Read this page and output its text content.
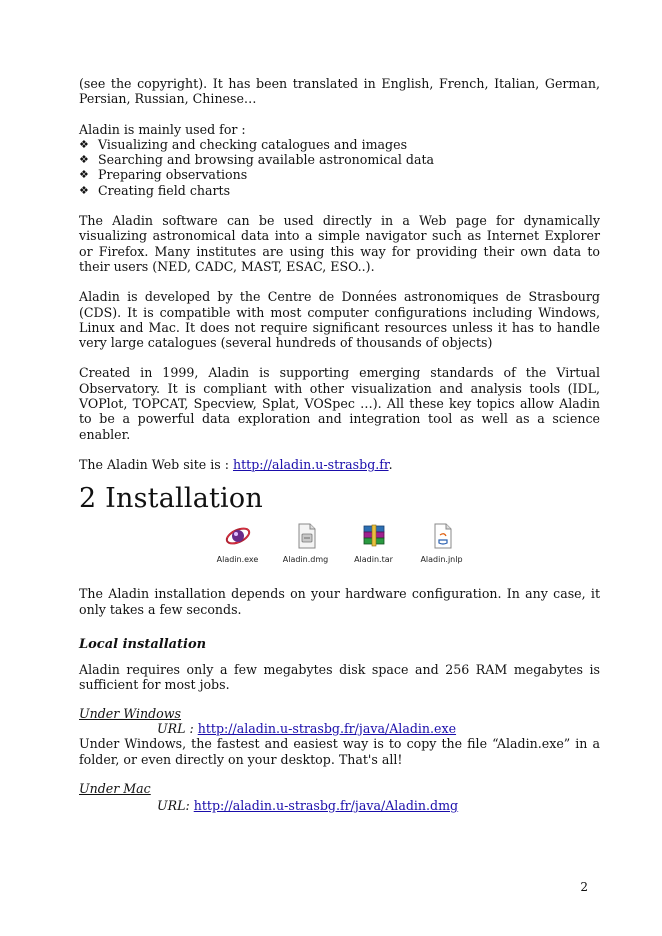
(see the copyright). It has been translated in English, French, Italian, German, Persian, Russian, Chinese…

Aladin is mainly used for :

❖ Visualizing and checking catalogues and images
❖ Searching and browsing available astronomical data
❖ Preparing observations
❖ Creating field charts

The Aladin software can be used directly in a Web page for dynamically visualizing astronomical data into a simple navigator such as Internet Explorer or Firefox. Many institutes are using this way for providing their own data to their users (NED, CADC, MAST, ESAC, ESO..).

Aladin is developed by the Centre de Données astronomiques de Strasbourg (CDS). It is compatible with most computer configurations including Windows, Linux and Mac. It does not require significant resources unless it has to handle very large catalogues (several hundreds of thousands of objects)

Created in 1999, Aladin is supporting emerging standards of the Virtual Observatory. It is compliant with other visualization and analysis tools (IDL, VOPlot, TOPCAT, Specview, Splat, VOSpec …). All these key topics allow Aladin to be a powerful data exploration and integration tool as well as a science enabler.

The Aladin Web site is : http://aladin.u-strasbg.fr.

2 Installation
Aladin.exe	Aladin.dmg	Aladin.tar	Aladin.jnlp

The Aladin installation depends on your hardware configuration. In any case, it only takes a few seconds.

Local installation

Aladin requires only a few megabytes disk space and 256 RAM megabytes is sufficient for most jobs.

Under Windows

URL : http://aladin.u-strasbg.fr/java/Aladin.exe

Under Windows, the fastest and easiest way is to copy the file “Aladin.exe” in a folder, or even directly on your desktop. That's all!

Under Mac

URL: http://aladin.u-strasbg.fr/java/Aladin.dmg

2
